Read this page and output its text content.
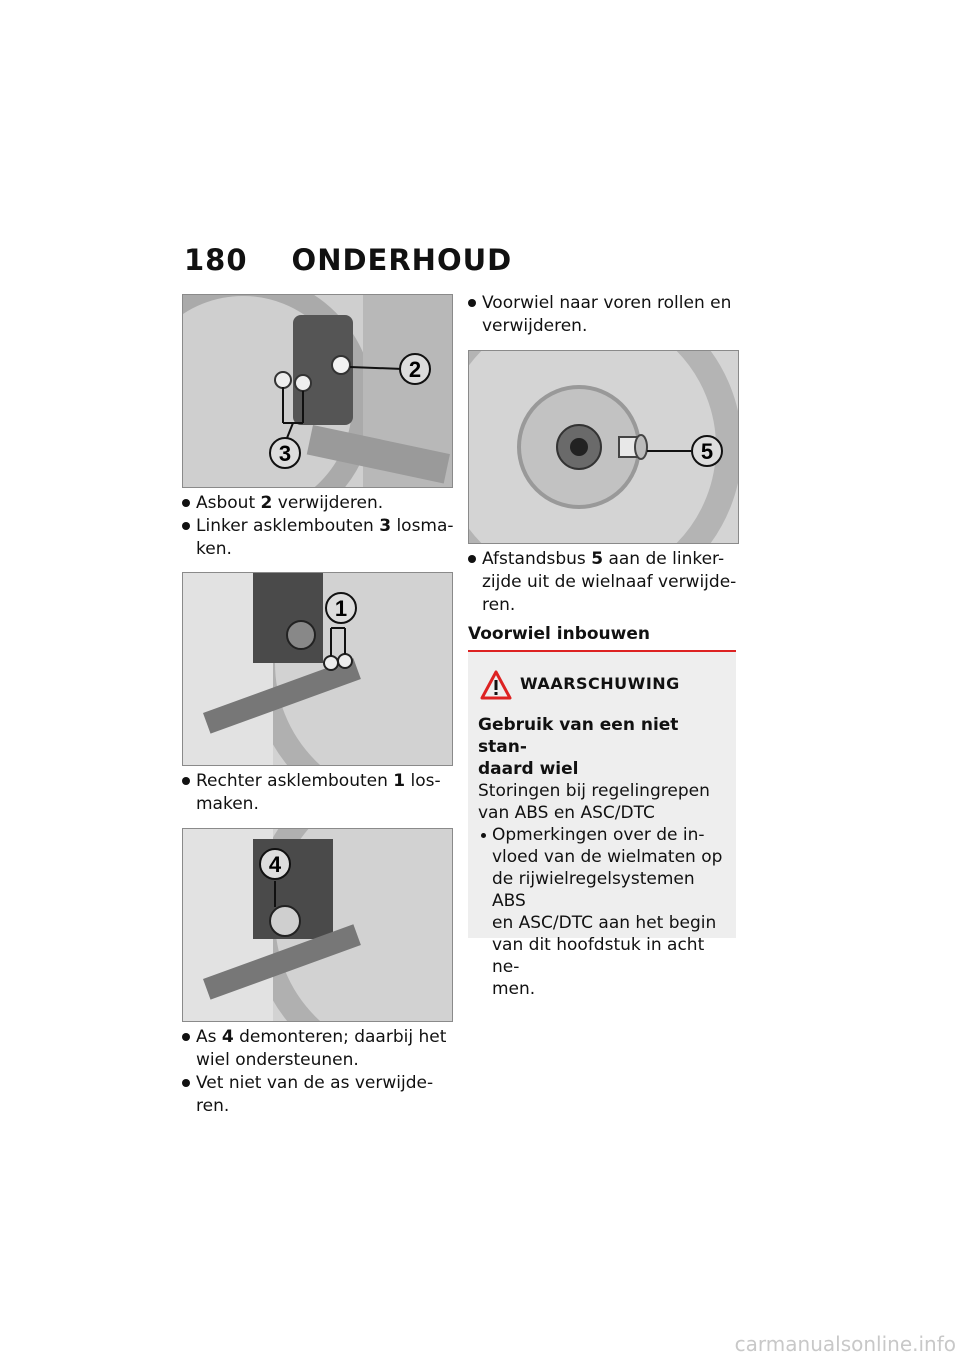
180 ONDERHOUD
2
3
Asbout 2 verwijderen.
Linker asklembouten 3 losma-
ken.
1
Rechter asklembouten 1 los-
maken.
4
As 4 demonteren; daarbij het
wiel ondersteunen.
Vet niet van de as verwijde-
ren.
Voorwiel naar voren rollen en
verwijderen.
5
Afstandsbus 5 aan de linker-
zijde uit de wielnaaf verwijde-
ren.
Voorwiel inbouwen
WAARSCHUWING
Gebruik van een niet stan-
daard wiel
Storingen bij regelingrepen
van ABS en ASC/DTC
Opmerkingen over de in-
vloed van de wielmaten op
de rijwielregelsystemen ABS
en ASC/DTC aan het begin
van dit hoofdstuk in acht ne-
men.
carmanualsonline.info
